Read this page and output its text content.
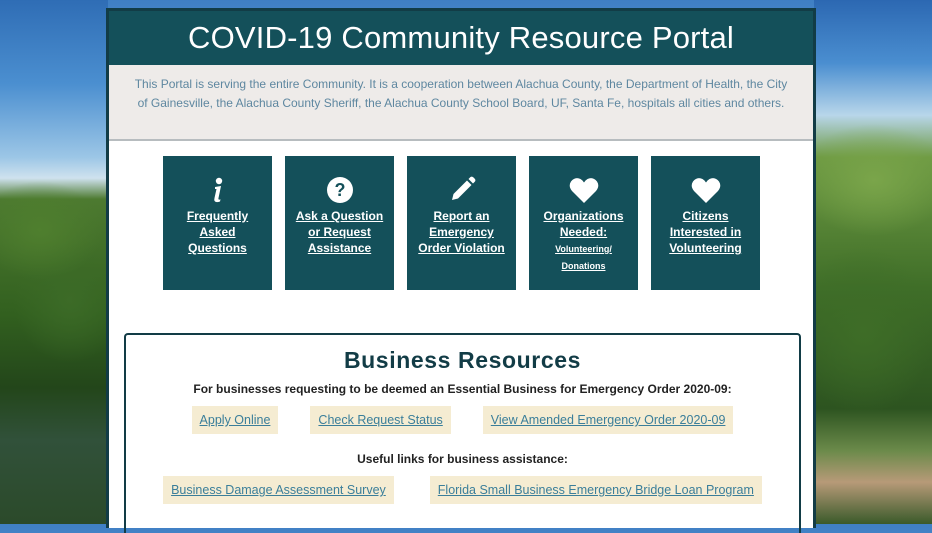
COVID-19 Community Resource Portal
This Portal is serving the entire Community. It is a cooperation between Alachua County, the Department of Health, the City of Gainesville, the Alachua County Sheriff, the Alachua County School Board, UF, Santa Fe, hospitals all cities and others.
Frequently Asked Questions
?
Ask a Question or Request Assistance
Report an Emergency Order Violation
Organizations Needed:
Volunteering/ Donations
Citizens Interested in Volunteering
Business Resources

For businesses requesting to be deemed an Essential Business for Emergency Order 2020-09:

Apply Online	Check Request Status	View Amended Emergency Order 2020-09

Useful links for business assistance:

Business Damage Assessment Survey	Florida Small Business Emergency Bridge Loan Program
